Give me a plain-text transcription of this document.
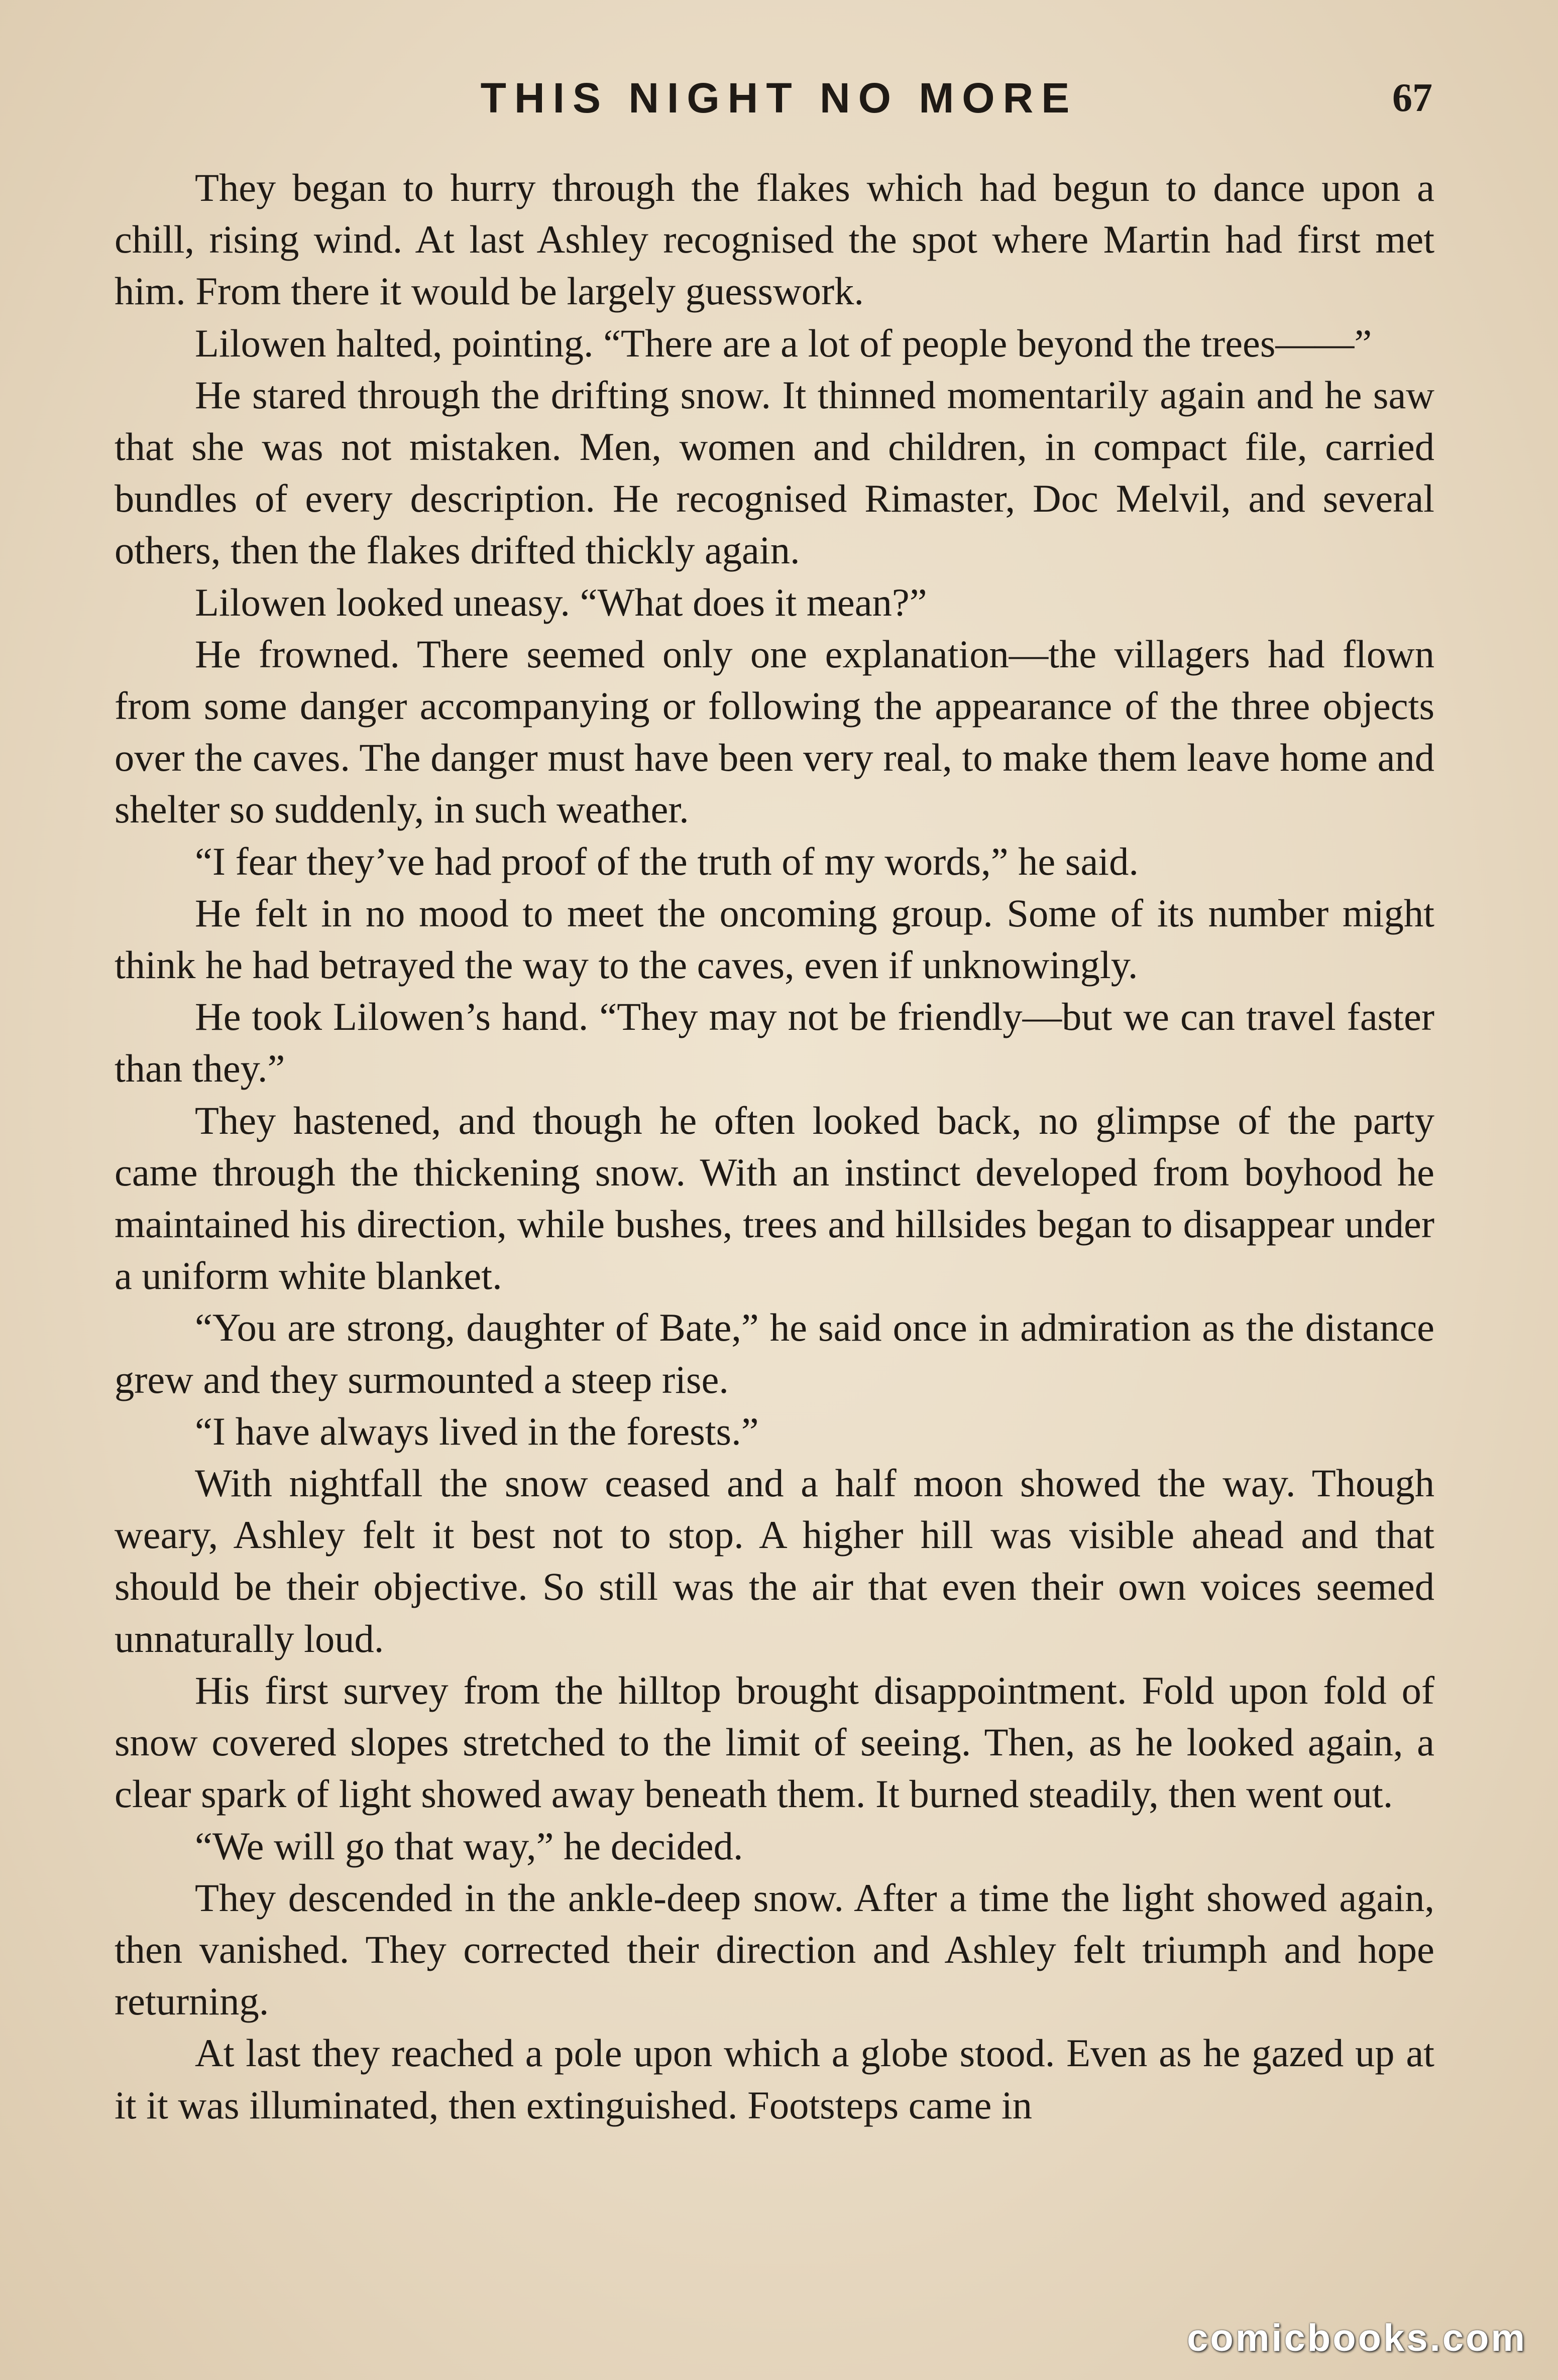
THIS NIGHT NO MORE	67

They began to hurry through the flakes which had begun to dance upon a chill, rising wind. At last Ashley recognised the spot where Martin had first met him. From there it would be largely guesswork.

Lilowen halted, pointing. “There are a lot of people beyond the trees——”

He stared through the drifting snow. It thinned momentarily again and he saw that she was not mistaken. Men, women and children, in compact file, carried bundles of every description. He recognised Rimaster, Doc Melvil, and several others, then the flakes drifted thickly again.

Lilowen looked uneasy. “What does it mean?”

He frowned. There seemed only one explanation—the villagers had flown from some danger accompanying or following the appearance of the three objects over the caves. The danger must have been very real, to make them leave home and shelter so suddenly, in such weather.

“I fear they’ve had proof of the truth of my words,” he said.

He felt in no mood to meet the oncoming group. Some of its number might think he had betrayed the way to the caves, even if unknowingly.

He took Lilowen’s hand. “They may not be friendly—but we can travel faster than they.”

They hastened, and though he often looked back, no glimpse of the party came through the thickening snow. With an instinct developed from boyhood he maintained his direction, while bushes, trees and hillsides began to disappear under a uniform white blanket.

“You are strong, daughter of Bate,” he said once in admiration as the distance grew and they surmounted a steep rise.

“I have always lived in the forests.”

With nightfall the snow ceased and a half moon showed the way. Though weary, Ashley felt it best not to stop. A higher hill was visible ahead and that should be their objective. So still was the air that even their own voices seemed unnaturally loud.

His first survey from the hilltop brought disappointment. Fold upon fold of snow covered slopes stretched to the limit of seeing. Then, as he looked again, a clear spark of light showed away beneath them. It burned steadily, then went out.

“We will go that way,” he decided.

They descended in the ankle-deep snow. After a time the light showed again, then vanished. They corrected their direction and Ashley felt triumph and hope returning.

At last they reached a pole upon which a globe stood. Even as he gazed up at it it was illuminated, then extinguished. Footsteps came in

comicbooks.com
